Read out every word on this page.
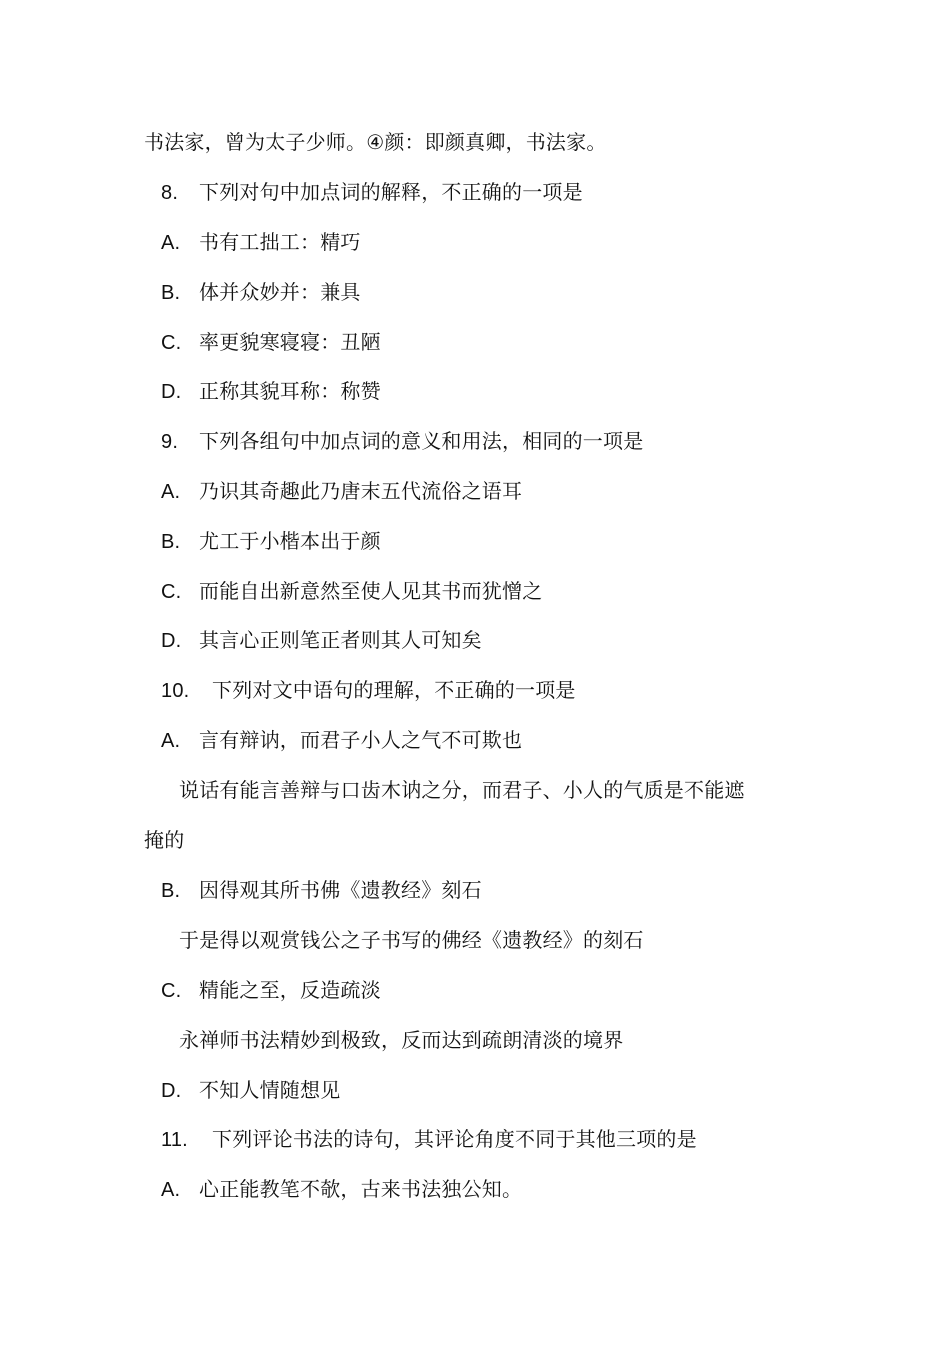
书法家，曾为太子少师。④颜：即颜真卿，书法家。
8. 下列对句中加点词的解释，不正确的一项是
A. 书有工拙工：精巧
B. 体并众妙并：兼具
C. 率更貌寒寝寝：丑陋
D. 正称其貌耳称：称赞
9. 下列各组句中加点词的意义和用法，相同的一项是
A. 乃识其奇趣此乃唐末五代流俗之语耳
B. 尤工于小楷本出于颜
C. 而能自出新意然至使人见其书而犹憎之
D. 其言心正则笔正者则其人可知矣
10. 下列对文中语句的理解，不正确的一项是
A. 言有辩讷，而君子小人之气不可欺也
说话有能言善辩与口齿木讷之分，而君子、小人的气质是不能遮
掩的
B. 因得观其所书佛《遗教经》刻石
于是得以观赏钱公之子书写的佛经《遗教经》的刻石
C. 精能之至，反造疏淡
永禅师书法精妙到极致，反而达到疏朗清淡的境界
D. 不知人情随想见
11. 下列评论书法的诗句，其评论角度不同于其他三项的是
A. 心正能教笔不欹，古来书法独公知。
